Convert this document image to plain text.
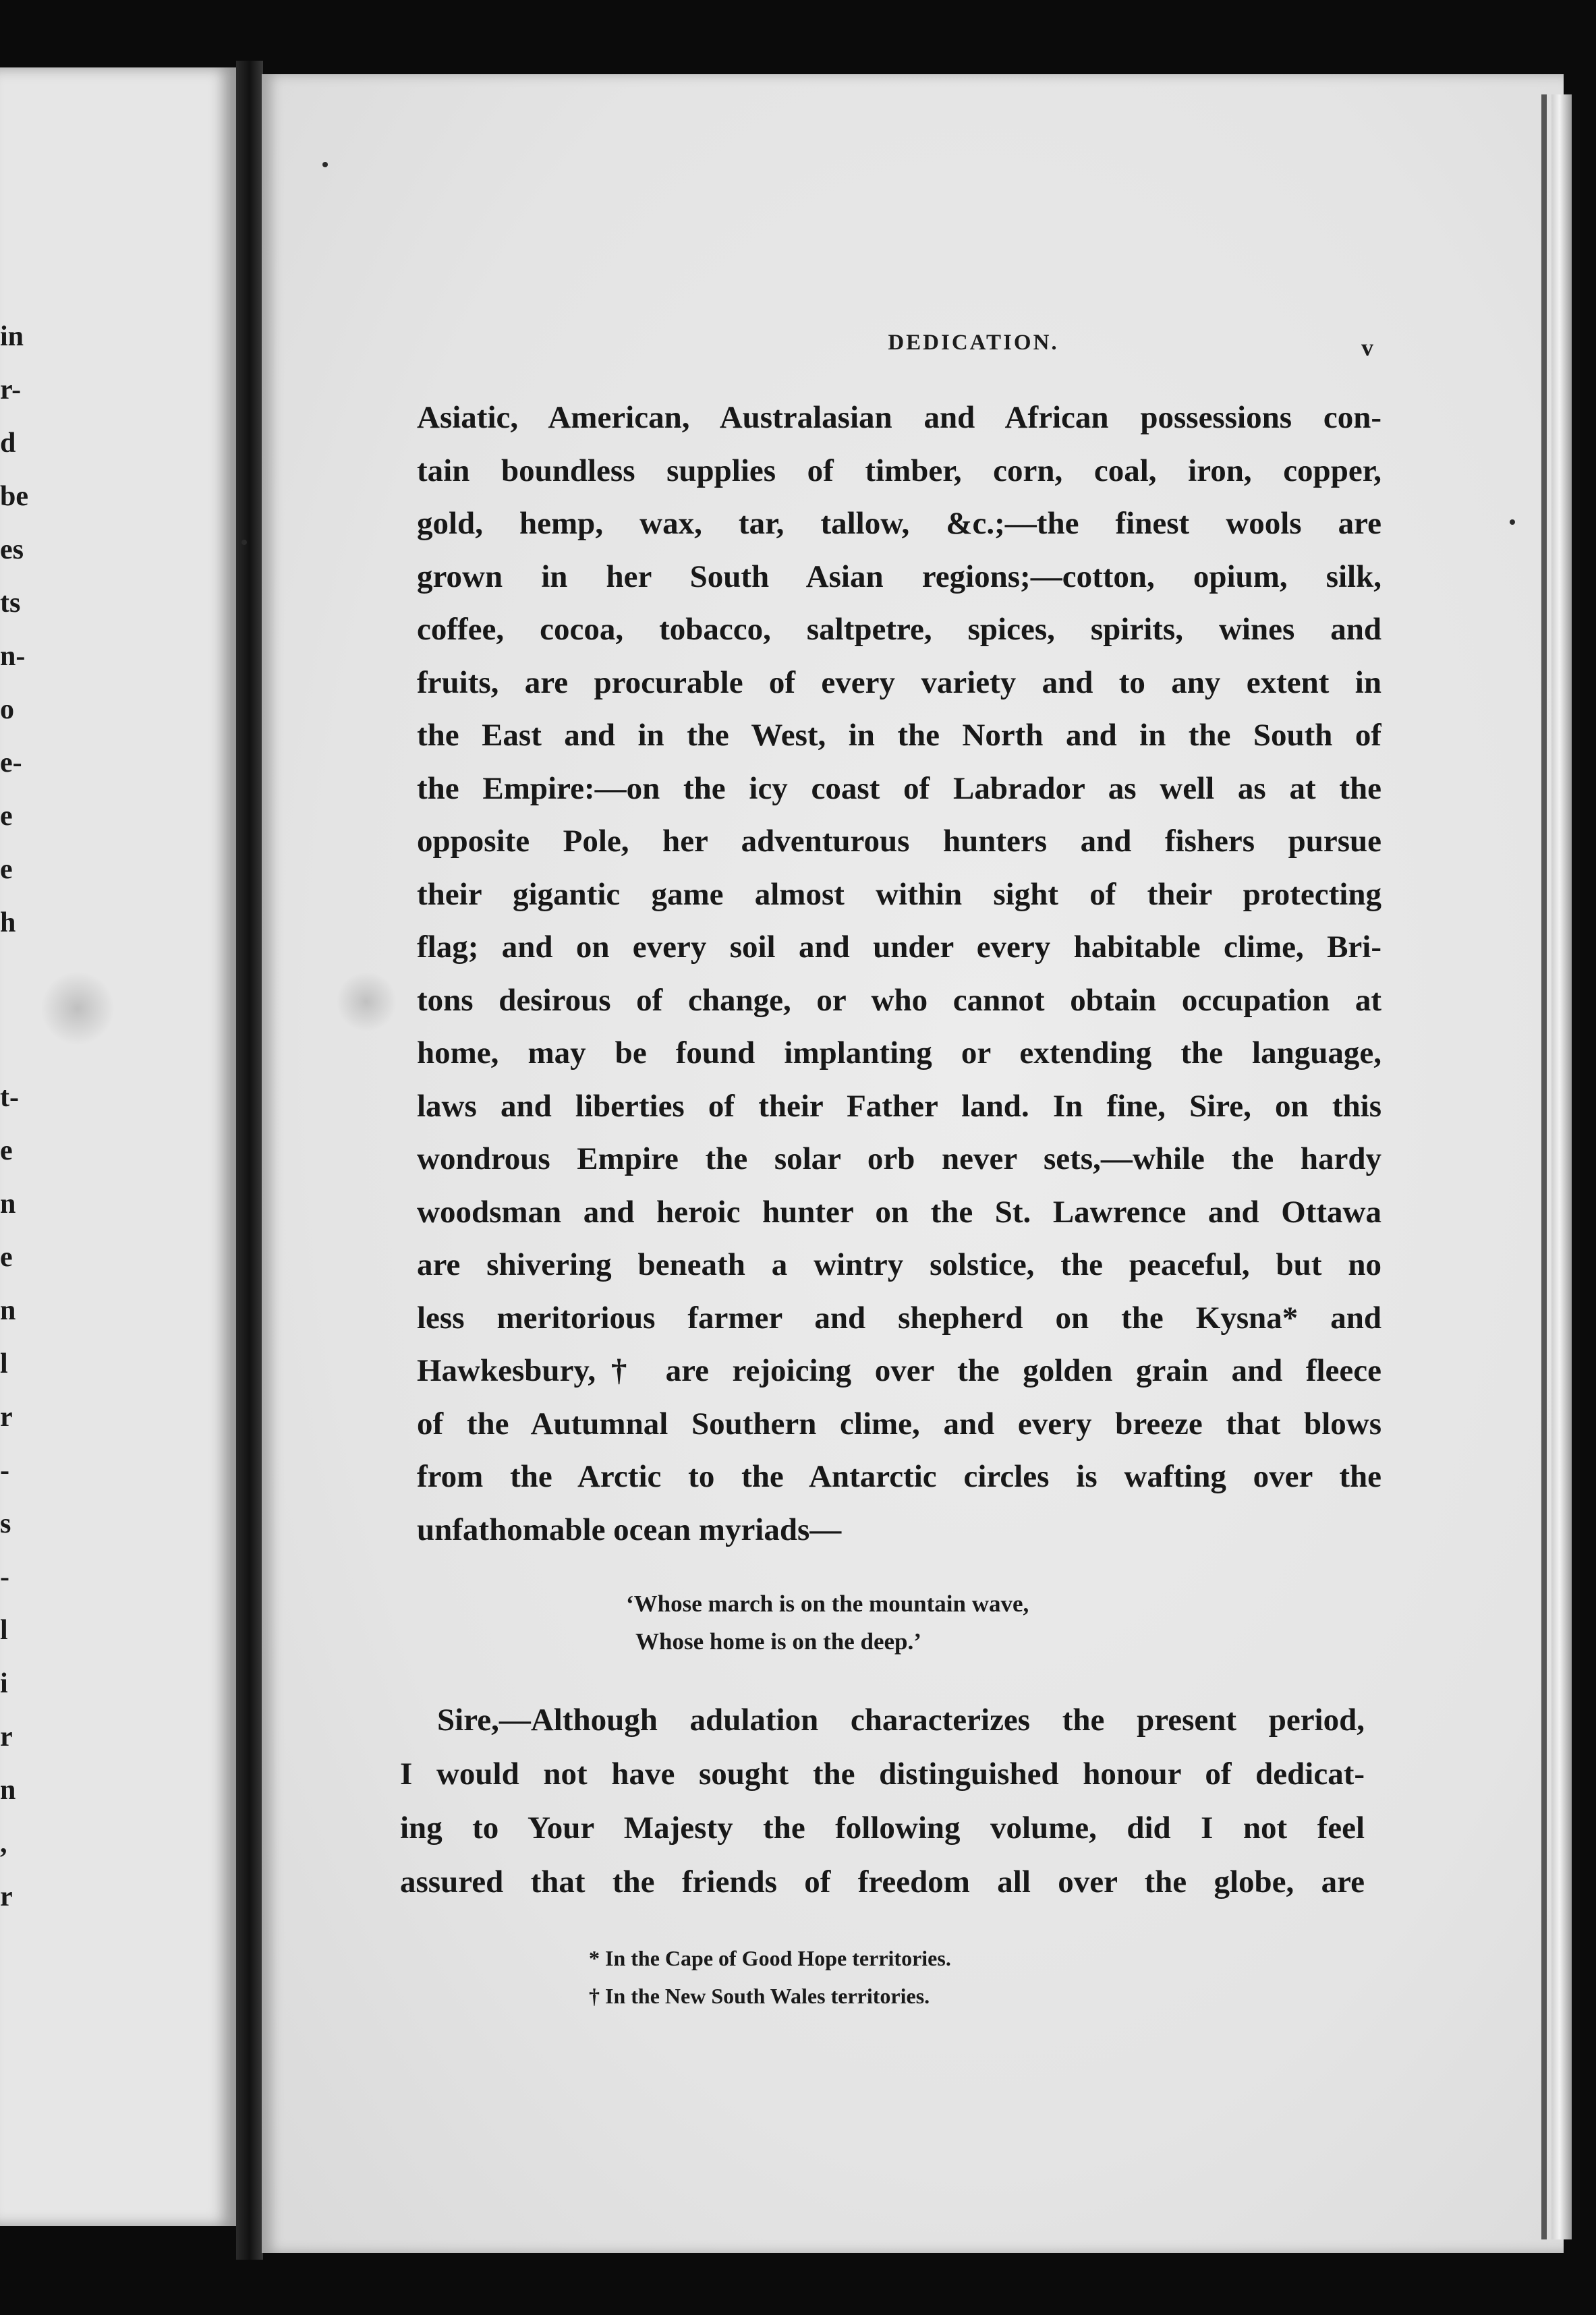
in
r-
d
be
es
ts
n-
o
e-
e
e
h
t-
e
n
e
n
l
r
-
s
-
l
i
r
n
,
r
DEDICATION.	v
Asiatic, American, Australasian and African possessions con-
tain boundless supplies of timber, corn, coal, iron, copper,
gold, hemp, wax, tar, tallow, &c.;—the finest wools are
grown in her South Asian regions;—cotton, opium, silk,
coffee, cocoa, tobacco, saltpetre, spices, spirits, wines and
fruits, are procurable of every variety and to any extent in
the East and in the West, in the North and in the South of
the Empire:—on the icy coast of Labrador as well as at the
opposite Pole, her adventurous hunters and fishers pursue
their gigantic game almost within sight of their protecting
flag; and on every soil and under every habitable clime, Bri-
tons desirous of change, or who cannot obtain occupation at
home, may be found implanting or extending the language,
laws and liberties of their Father land. In fine, Sire, on this
wondrous Empire the solar orb never sets,—while the hardy
woodsman and heroic hunter on the St. Lawrence and Ottawa
are shivering beneath a wintry solstice, the peaceful, but no
less meritorious farmer and shepherd on the Kysna* and
Hawkesbury,† are rejoicing over the golden grain and fleece
of the Autumnal Southern clime, and every breeze that blows
from the Arctic to the Antarctic circles is wafting over the
unfathomable ocean myriads—
‘Whose march is on the mountain wave,
Whose home is on the deep.’
Sire,—Although adulation characterizes the present period,
I would not have sought the distinguished honour of dedicat-
ing to Your Majesty the following volume, did I not feel
assured that the friends of freedom all over the globe, are
* In the Cape of Good Hope territories.
† In the New South Wales territories.
